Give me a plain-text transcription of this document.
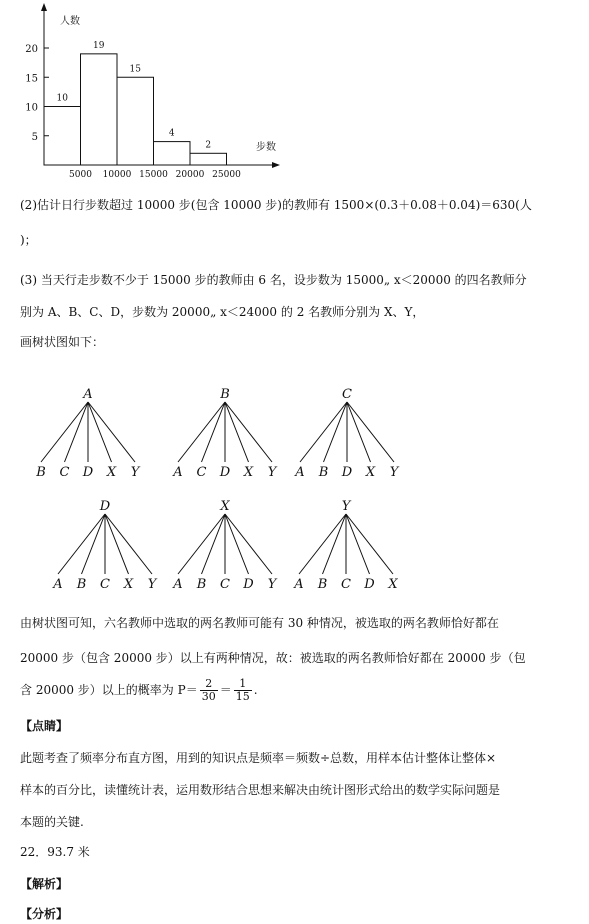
人数
步数
5
10
15
20
5000 10000 15000 20000 25000
10
19
15
4
2
(2)估计日行步数超过 10000 步(包含 10000 步)的教师有 1500×(0.3＋0.08＋0.04)＝630(人
)；
(3) 当天行走步数不少于 15000 步的教师由 6 名，设步数为 15000„ x＜20000 的四名教师分
别为 A、B、C、D，步数为 20000„ x＜24000 的 2 名教师分别为 X、Y，
画树状图如下：
A
B C D X Y
B
A C D X Y
C
A B D X Y
D
A B C X Y
X
A B C D Y
Y
A B C D X
由树状图可知，六名教师中选取的两名教师可能有 30 种情况，被选取的两名教师恰好都在
20000 步（包含 20000 步）以上有两种情况，故：被选取的两名教师恰好都在 20000 步（包
含 20000 步）以上的概率为 $P= \frac{2}{30} = \frac{1}{15}$ .
【点睛】
此题考查了频率分布直方图，用到的知识点是频率＝频数÷总数，用样本估计整体让整体×
样本的百分比，读懂统计表，运用数形结合思想来解决由统计图形式给出的数学实际问题是
本题的关键.
22．93.7 米
【解析】
【分析】
